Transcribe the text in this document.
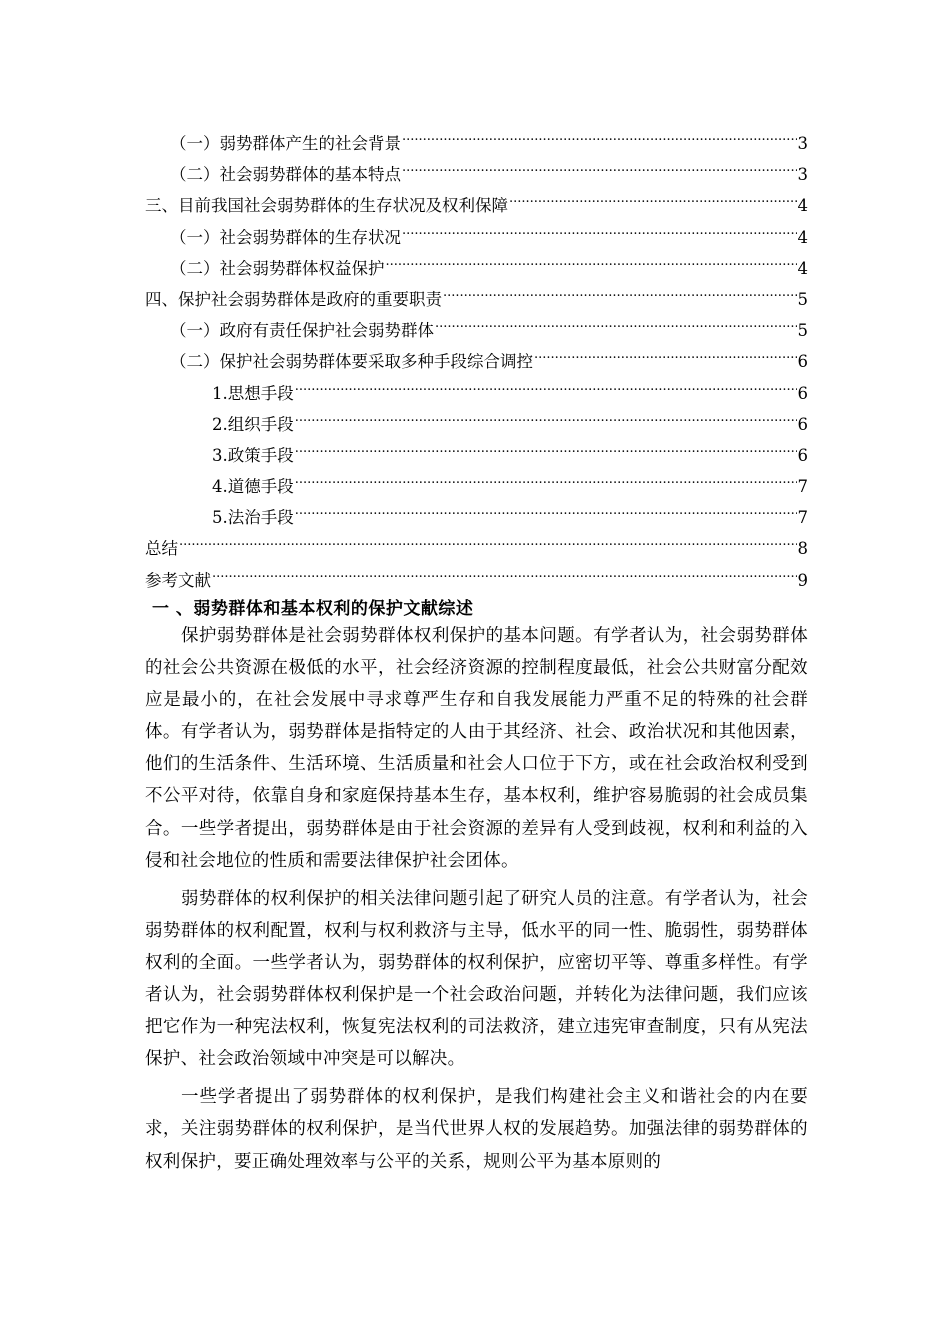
（一）弱势群体产生的社会背景 .....	3
（二）社会弱势群体的基本特点 .....	3
三、目前我国社会弱势群体的生存状况及权利保障 .....	4
（一）社会弱势群体的生存状况 .....	4
（二）社会弱势群体权益保护 .....	4
四、保护社会弱势群体是政府的重要职责 .....	5
（一）政府有责任保护社会弱势群体 .....	5
（二）保护社会弱势群体要采取多种手段综合调控 .....	6
1.思想手段 .....	6
2.组织手段 .....	6
3.政策手段 .....	6
4.道德手段 .....	7
5.法治手段 .....	7
总结 .....	8
参考文献 .....	9
一 、弱势群体和基本权利的保护文献综述

保护弱势群体是社会弱势群体权利保护的基本问题。有学者认为，社会弱势群体的社会公共资源在极低的水平，社会经济资源的控制程度最低，社会公共财富分配效应是最小的，在社会发展中寻求尊严生存和自我发展能力严重不足的特殊的社会群体。有学者认为，弱势群体是指特定的人由于其经济、社会、政治状况和其他因素，他们的生活条件、生活环境、生活质量和社会人口位于下方，或在社会政治权利受到不公平对待，依靠自身和家庭保持基本生存，基本权利，维护容易脆弱的社会成员集合。一些学者提出，弱势群体是由于社会资源的差异有人受到歧视，权利和利益的入侵和社会地位的性质和需要法律保护社会团体。

弱势群体的权利保护的相关法律问题引起了研究人员的注意。有学者认为，社会弱势群体的权利配置，权利与权利救济与主导，低水平的同一性、脆弱性，弱势群体权利的全面。一些学者认为，弱势群体的权利保护，应密切平等、尊重多样性。有学者认为，社会弱势群体权利保护是一个社会政治问题，并转化为法律问题，我们应该把它作为一种宪法权利，恢复宪法权利的司法救济，建立违宪审查制度，只有从宪法保护、社会政治领域中冲突是可以解决。

一些学者提出了弱势群体的权利保护，是我们构建社会主义和谐社会的内在要求，关注弱势群体的权利保护，是当代世界人权的发展趋势。加强法律的弱势群体的权利保护，要正确处理效率与公平的关系，规则公平为基本原则的
